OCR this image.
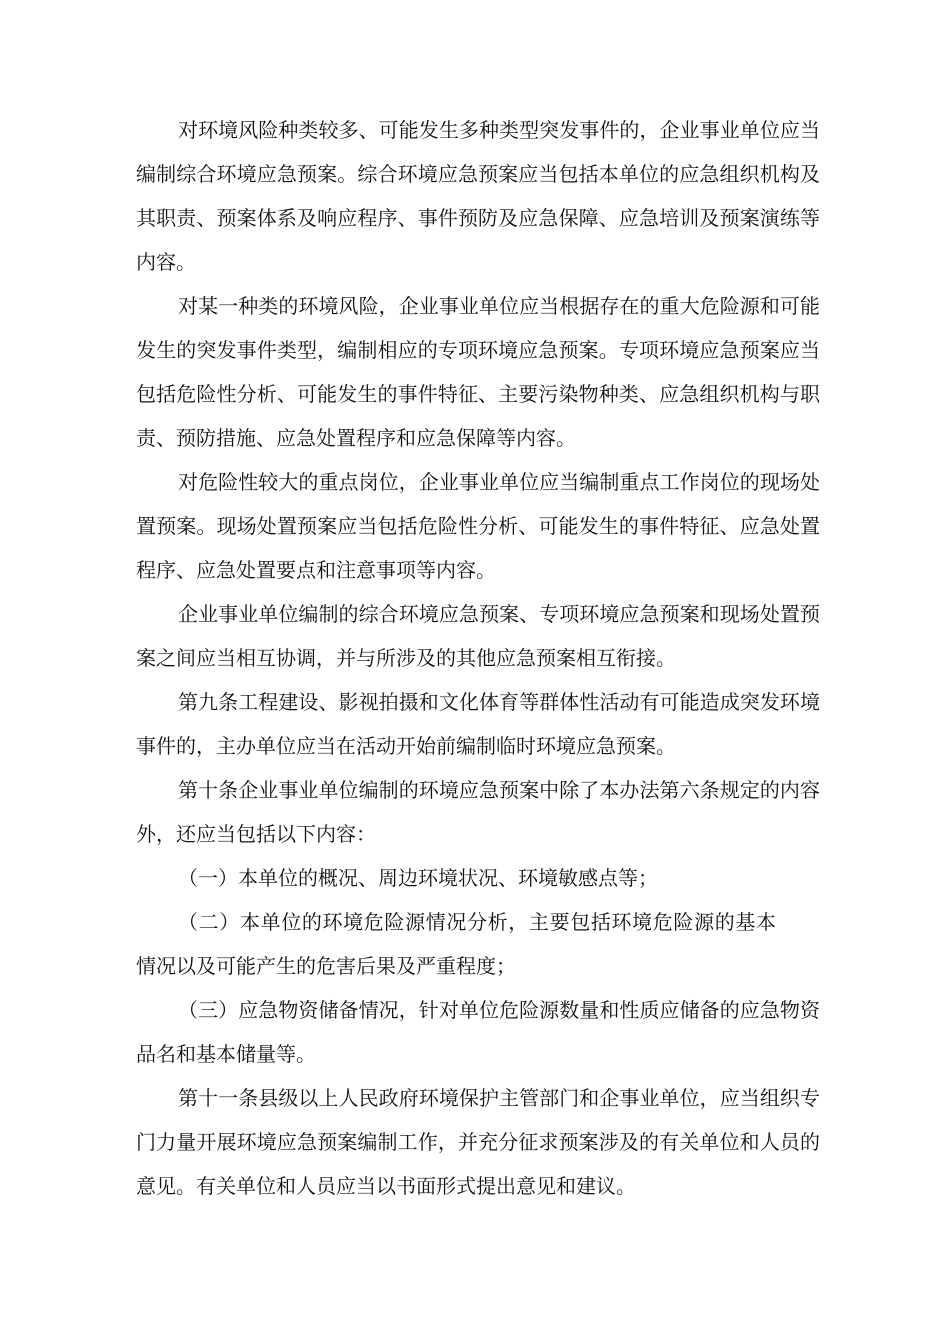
对环境风险种类较多、可能发生多种类型突发事件的，企业事业单位应当编制综合环境应急预案。综合环境应急预案应当包括本单位的应急组织机构及其职责、预案体系及响应程序、事件预防及应急保障、应急培训及预案演练等内容。

对某一种类的环境风险，企业事业单位应当根据存在的重大危险源和可能发生的突发事件类型，编制相应的专项环境应急预案。专项环境应急预案应当包括危险性分析、可能发生的事件特征、主要污染物种类、应急组织机构与职责、预防措施、应急处置程序和应急保障等内容。

对危险性较大的重点岗位，企业事业单位应当编制重点工作岗位的现场处置预案。现场处置预案应当包括危险性分析、可能发生的事件特征、应急处置程序、应急处置要点和注意事项等内容。

企业事业单位编制的综合环境应急预案、专项环境应急预案和现场处置预案之间应当相互协调，并与所涉及的其他应急预案相互衔接。

第九条工程建设、影视拍摄和文化体育等群体性活动有可能造成突发环境事件的，主办单位应当在活动开始前编制临时环境应急预案。

第十条企业事业单位编制的环境应急预案中除了本办法第六条规定的内容外，还应当包括以下内容：

（一）本单位的概况、周边环境状况、环境敏感点等；

（二）本单位的环境危险源情况分析，主要包括环境危险源的基本情况以及可能产生的危害后果及严重程度；

（三）应急物资储备情况，针对单位危险源数量和性质应储备的应急物资品名和基本储量等。

第十一条县级以上人民政府环境保护主管部门和企事业单位，应当组织专门力量开展环境应急预案编制工作，并充分征求预案涉及的有关单位和人员的意见。有关单位和人员应当以书面形式提出意见和建议。
